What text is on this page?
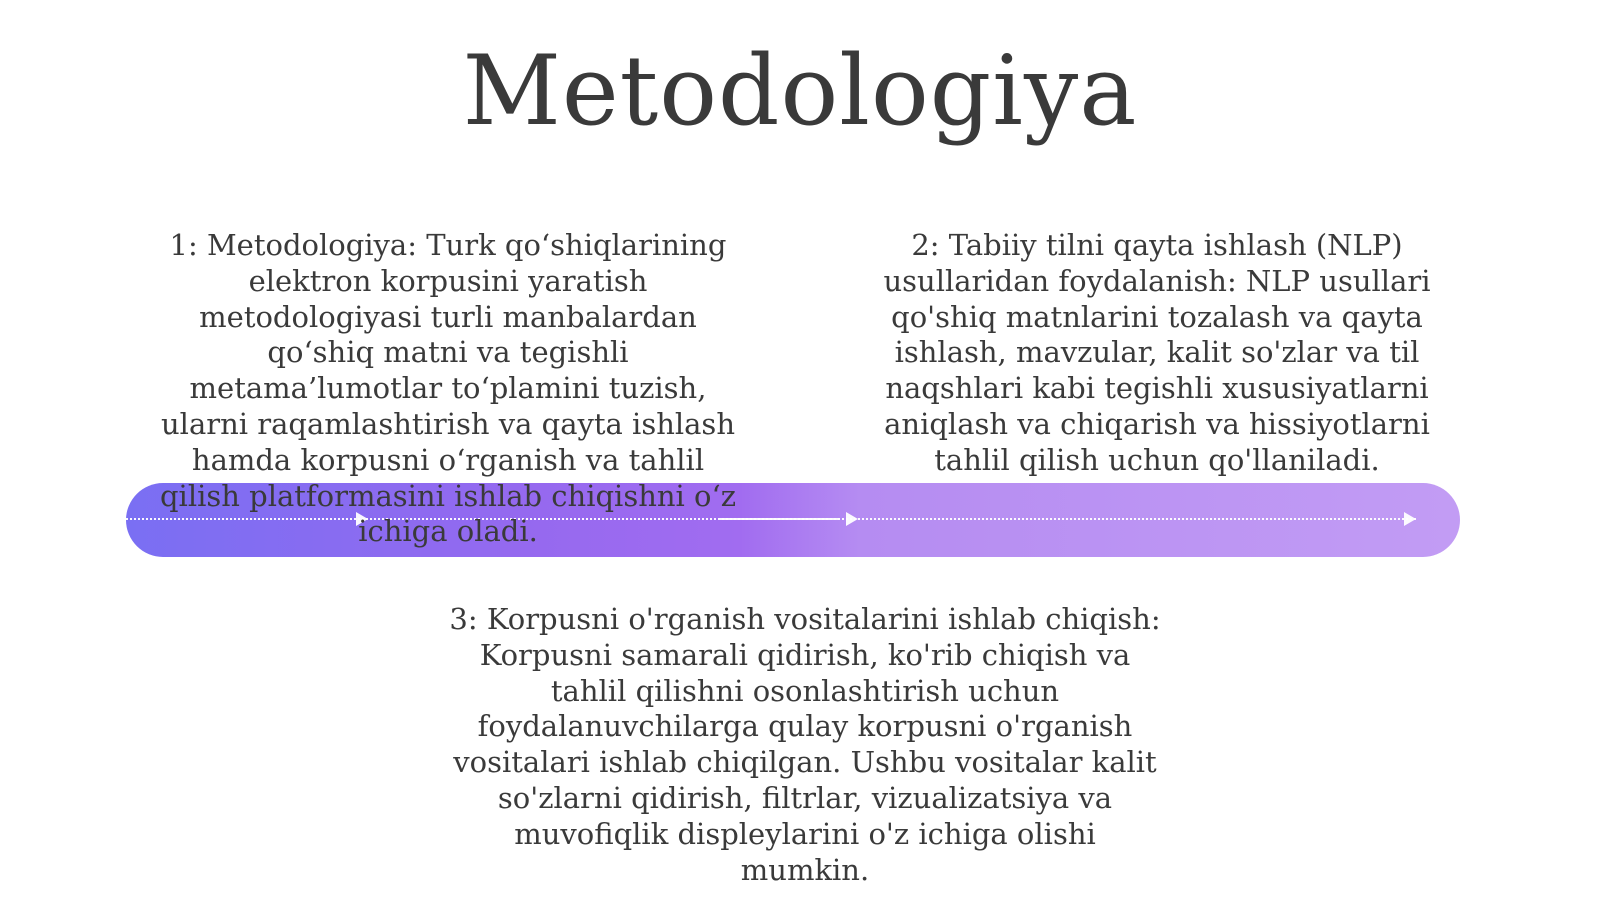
Metodologiya

1: Metodologiya: Turk qo‘shiqlarining elektron korpusini yaratish metodologiyasi turli manbalardan qo‘shiq matni va tegishli metama’lumotlar to‘plamini tuzish, ularni raqamlashtirish va qayta ishlash hamda korpusni o‘rganish va tahlil qilish platformasini ishlab chiqishni o‘z ichiga oladi.

2: Tabiiy tilni qayta ishlash (NLP) usullaridan foydalanish: NLP usullari qo'shiq matnlarini tozalash va qayta ishlash, mavzular, kalit so'zlar va til naqshlari kabi tegishli xususiyatlarni aniqlash va chiqarish va hissiyotlarni tahlil qilish uchun qo'llaniladi.

3: Korpusni o'rganish vositalarini ishlab chiqish: Korpusni samarali qidirish, ko'rib chiqish va tahlil qilishni osonlashtirish uchun foydalanuvchilarga qulay korpusni o'rganish vositalari ishlab chiqilgan. Ushbu vositalar kalit so'zlarni qidirish, filtrlar, vizualizatsiya va muvofiqlik displeylarini o'z ichiga olishi mumkin.
